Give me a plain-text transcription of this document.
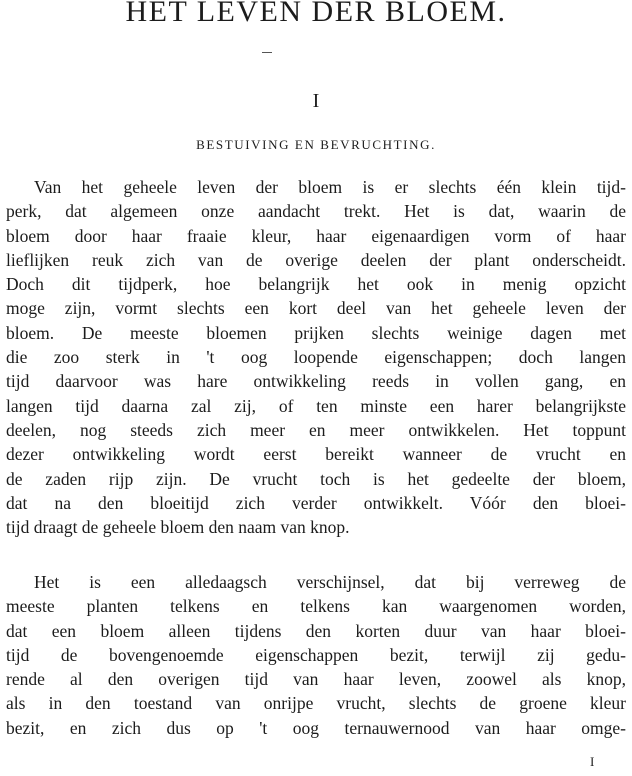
HET LEVEN DER BLOEM.
I
BESTUIVING EN BEVRUCHTING.
Van het geheele leven der bloem is er slechts één klein tijd-
perk, dat algemeen onze aandacht trekt. Het is dat, waarin de
bloem door haar fraaie kleur, haar eigenaardigen vorm of haar
lieflijken reuk zich van de overige deelen der plant onderscheidt.
Doch dit tijdperk, hoe belangrijk het ook in menig opzicht
moge zijn, vormt slechts een kort deel van het geheele leven der
bloem. De meeste bloemen prijken slechts weinige dagen met
die zoo sterk in 't oog loopende eigenschappen; doch langen
tijd daarvoor was hare ontwikkeling reeds in vollen gang, en
langen tijd daarna zal zij, of ten minste een harer belangrijkste
deelen, nog steeds zich meer en meer ontwikkelen. Het toppunt
dezer ontwikkeling wordt eerst bereikt wanneer de vrucht en
de zaden rijp zijn. De vrucht toch is het gedeelte der bloem,
dat na den bloeitijd zich verder ontwikkelt. Vóór den bloei-
tijd draagt de geheele bloem den naam van knop.
Het is een alledaagsch verschijnsel, dat bij verreweg de
meeste planten telkens en telkens kan waargenomen worden,
dat een bloem alleen tijdens den korten duur van haar bloei-
tijd de bovengenoemde eigenschappen bezit, terwijl zij gedu-
rende al den overigen tijd van haar leven, zoowel als knop,
als in den toestand van onrijpe vrucht, slechts de groene kleur
bezit, en zich dus op 't oog ternauwernood van haar omge-
I
